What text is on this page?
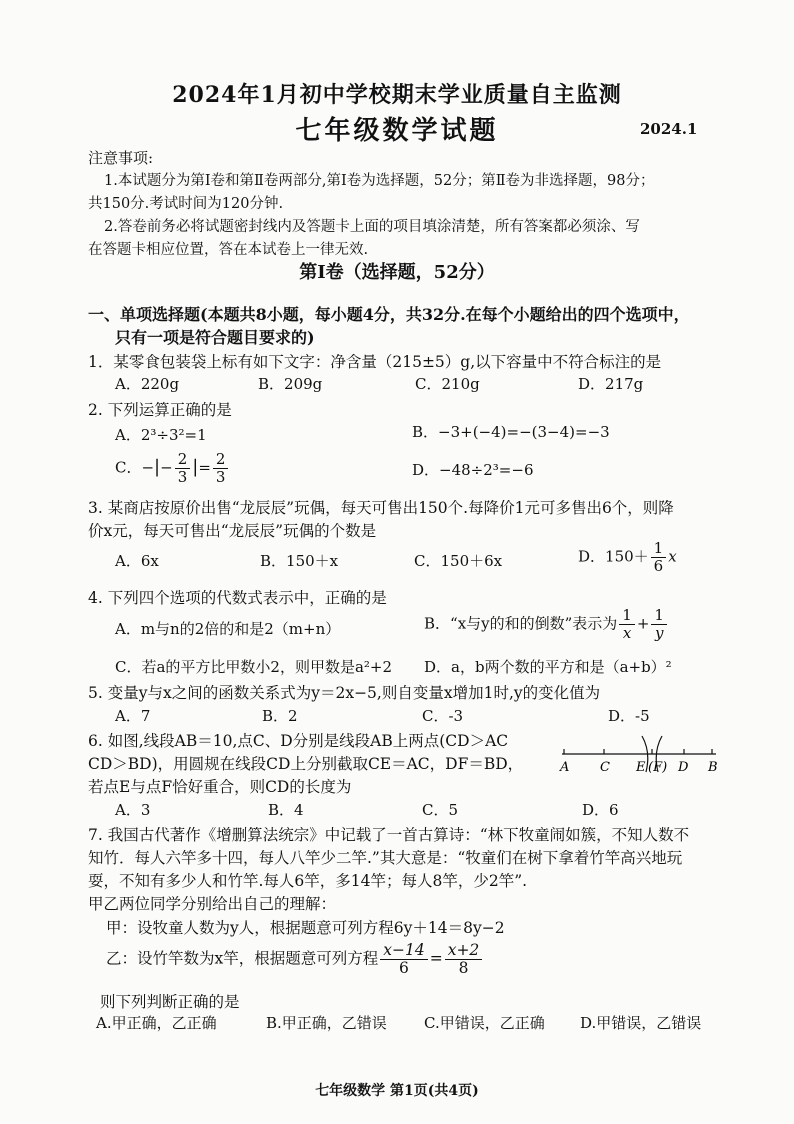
2024年1月初中学校期末学业质量自主监测
七年级数学试题	2024.1
注意事项:
1.本试题分为第Ⅰ卷和第Ⅱ卷两部分,第Ⅰ卷为选择题，52分；第Ⅱ卷为非选择题，98分；
共150分.考试时间为120分钟.
2.答卷前务必将试题密封线内及答题卡上面的项目填涂清楚，所有答案都必须涂、写
在答题卡相应位置，答在本试卷上一律无效.
第Ⅰ卷（选择题，52分）
一、单项选择题(本题共8小题，每小题4分，共32分.在每个小题给出的四个选项中，
只有一项是符合题目要求的)
1．某零食包装袋上标有如下文字：净含量（215±5）g,以下容量中不符合标注的是
A．220g	B．209g	C．210g	D．217g
2. 下列运算正确的是
A．2³÷3²=1	B．−3+(−4)=−(3−4)=−3
C．−|− $\frac{2}{3}$ |= $\frac{2}{3}$	D．−48÷2³=−6
3. 某商店按原价出售“龙辰辰”玩偶，每天可售出150个.每降价1元可多售出6个，则降
价x元，每天可售出“龙辰辰”玩偶的个数是
A．6x	B．150＋x	C．150＋6x	D．$150+ \frac{1}{6}$ x
4. 下列四个选项的代数式表示中，正确的是
A．m与n的2倍的和是2（m+n）	B．“x与y的和的倒数”表示为 $\frac{1}{x} + \frac{1}{y}$
C．若a的平方比甲数小2，则甲数是a²+2 D．a，b两个数的平方和是（a+b）²
5. 变量y与x之间的函数关系式为y＝2x−5,则自变量x增加1时,y的变化值为
A．7	B．2	C．-3	D．-5
6. 如图,线段AB＝10,点C、D分别是线段AB上两点(CD＞AC
CD＞BD)，用圆规在线段CD上分别截取CE＝AC，DF＝BD，
若点E与点F恰好重合，则CD的长度为
A C E (F) D B
A．3	B．4	C．5	D．6
7. 我国古代著作《增删算法统宗》中记载了一首古算诗：“林下牧童闹如簇，不知人数不
知竹．每人六竿多十四，每人八竿少二竿.”其大意是：“牧童们在树下拿着竹竿高兴地玩
耍，不知有多少人和竹竿.每人6竿，多14竿；每人8竿，少2竿”.
甲乙两位同学分别给出自己的理解：
甲：设牧童人数为y人，根据题意可列方程6y＋14＝8y−2
乙：设竹竿数为x竿，根据题意可列方程 $\frac{x-14}{6} = \frac{x+2}{8}$
则下列判断正确的是
A.甲正确，乙正确	B.甲正确，乙错误 C.甲错误，乙正确 D.甲错误，乙错误
七年级数学 第1页(共4页)
